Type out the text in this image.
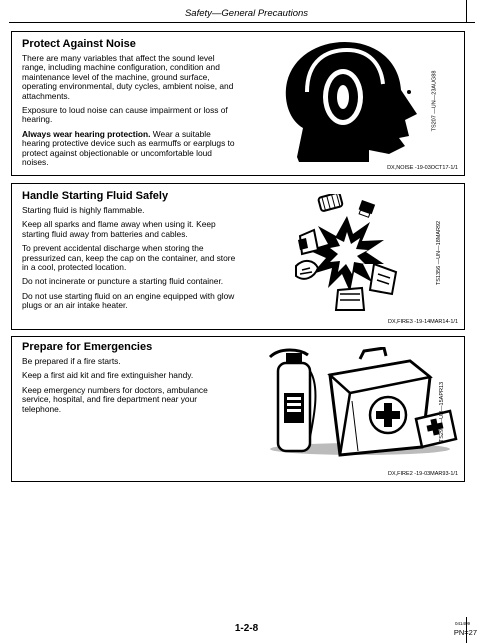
Safety—General Precautions
Protect Against Noise

There are many variables that affect the sound level range, including machine configuration, condition and maintenance level of the machine, ground surface, operating environmental, duty cycles, ambient noise, and attachments.

Exposure to loud noise can cause impairment or loss of hearing.

Always wear hearing protection. Wear a suitable hearing protective device such as earmuffs or earplugs to protect against objectionable or uncomfortable loud noises.

TS207 —UN—23AUG88
DX,NOISE -19-03OCT17-1/1
Handle Starting Fluid Safely

Starting fluid is highly flammable.

Keep all sparks and flame away when using it. Keep starting fluid away from batteries and cables.

To prevent accidental discharge when storing the pressurized can, keep the cap on the container, and store in a cool, protected location.

Do not incinerate or puncture a starting fluid container.

Do not use starting fluid on an engine equipped with glow plugs or an air intake heater.

TS1356 —UN—18MAR92
DX,FIRE3 -19-14MAR14-1/1
Prepare for Emergencies

Be prepared if a fire starts.

Keep a first aid kit and fire extinguisher handy.

Keep emergency numbers for doctors, ambulance service, hospital, and fire department near your telephone.	TS291 —UN—15APR13
DX,FIRE2 -19-03MAR93-1/1
1-2-8	041409
PN=27
